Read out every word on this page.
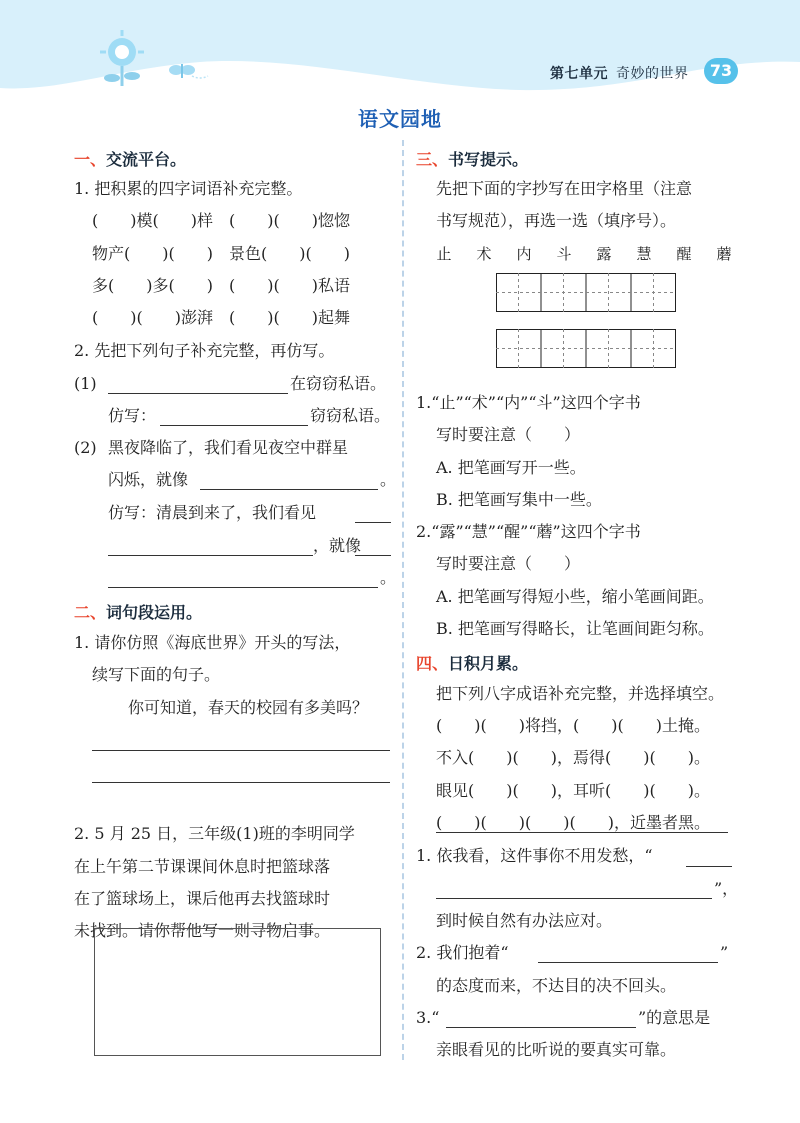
第七单元 奇妙的世界	73
语文园地
一、交流平台。
1. 把积累的四字词语补充完整。
(　　)模(　　)样　(　　)(　　)惚惚
物产(　　)(　　)　景色(　　)(　　)
多(　　)多(　　)　(　　)(　　)私语
(　　)(　　)澎湃　(　　)(　　)起舞
2. 先把下列句子补充完整，再仿写。
(1)	在窃窃私语。
仿写：	窃窃私语。
(2) 黑夜降临了，我们看见夜空中群星
闪烁，就像	。
仿写：清晨到来了，我们看见
，就像
。
二、词句段运用。
1. 请你仿照《海底世界》开头的写法，
续写下面的句子。
你可知道，春天的校园有多美吗？
2. 5 月 25 日，三年级(1)班的李明同学
在上午第二节课课间休息时把篮球落
在了篮球场上，课后他再去找篮球时
未找到。请你帮他写一则寻物启事。
三、书写提示。
先把下面的字抄写在田字格里（注意
书写规范），再选一选（填序号）。
止 术 内 斗 露 慧 醒 蘑
1.“止”“术”“内”“斗”这四个字书
写时要注意（　　）
A. 把笔画写开一些。
B. 把笔画写集中一些。
2.“露”“慧”“醒”“蘑”这四个字书
写时要注意（　　）
A. 把笔画写得短小些，缩小笔画间距。
B. 把笔画写得略长，让笔画间距匀称。
四、日积月累。
把下列八字成语补充完整，并选择填空。
(　　)(　　)将挡，(　　)(　　)土掩。
不入(　　)(　　)，焉得(　　)(　　)。
眼见(　　)(　　)，耳听(　　)(　　)。
(　　)(　　)(　　)(　　)，近墨者黑。
1. 依我看，这件事你不用发愁，“
”，
到时候自然有办法应对。
2. 我们抱着“	”
的态度而来，不达目的决不回头。
3.“	”的意思是
亲眼看见的比听说的要真实可靠。
